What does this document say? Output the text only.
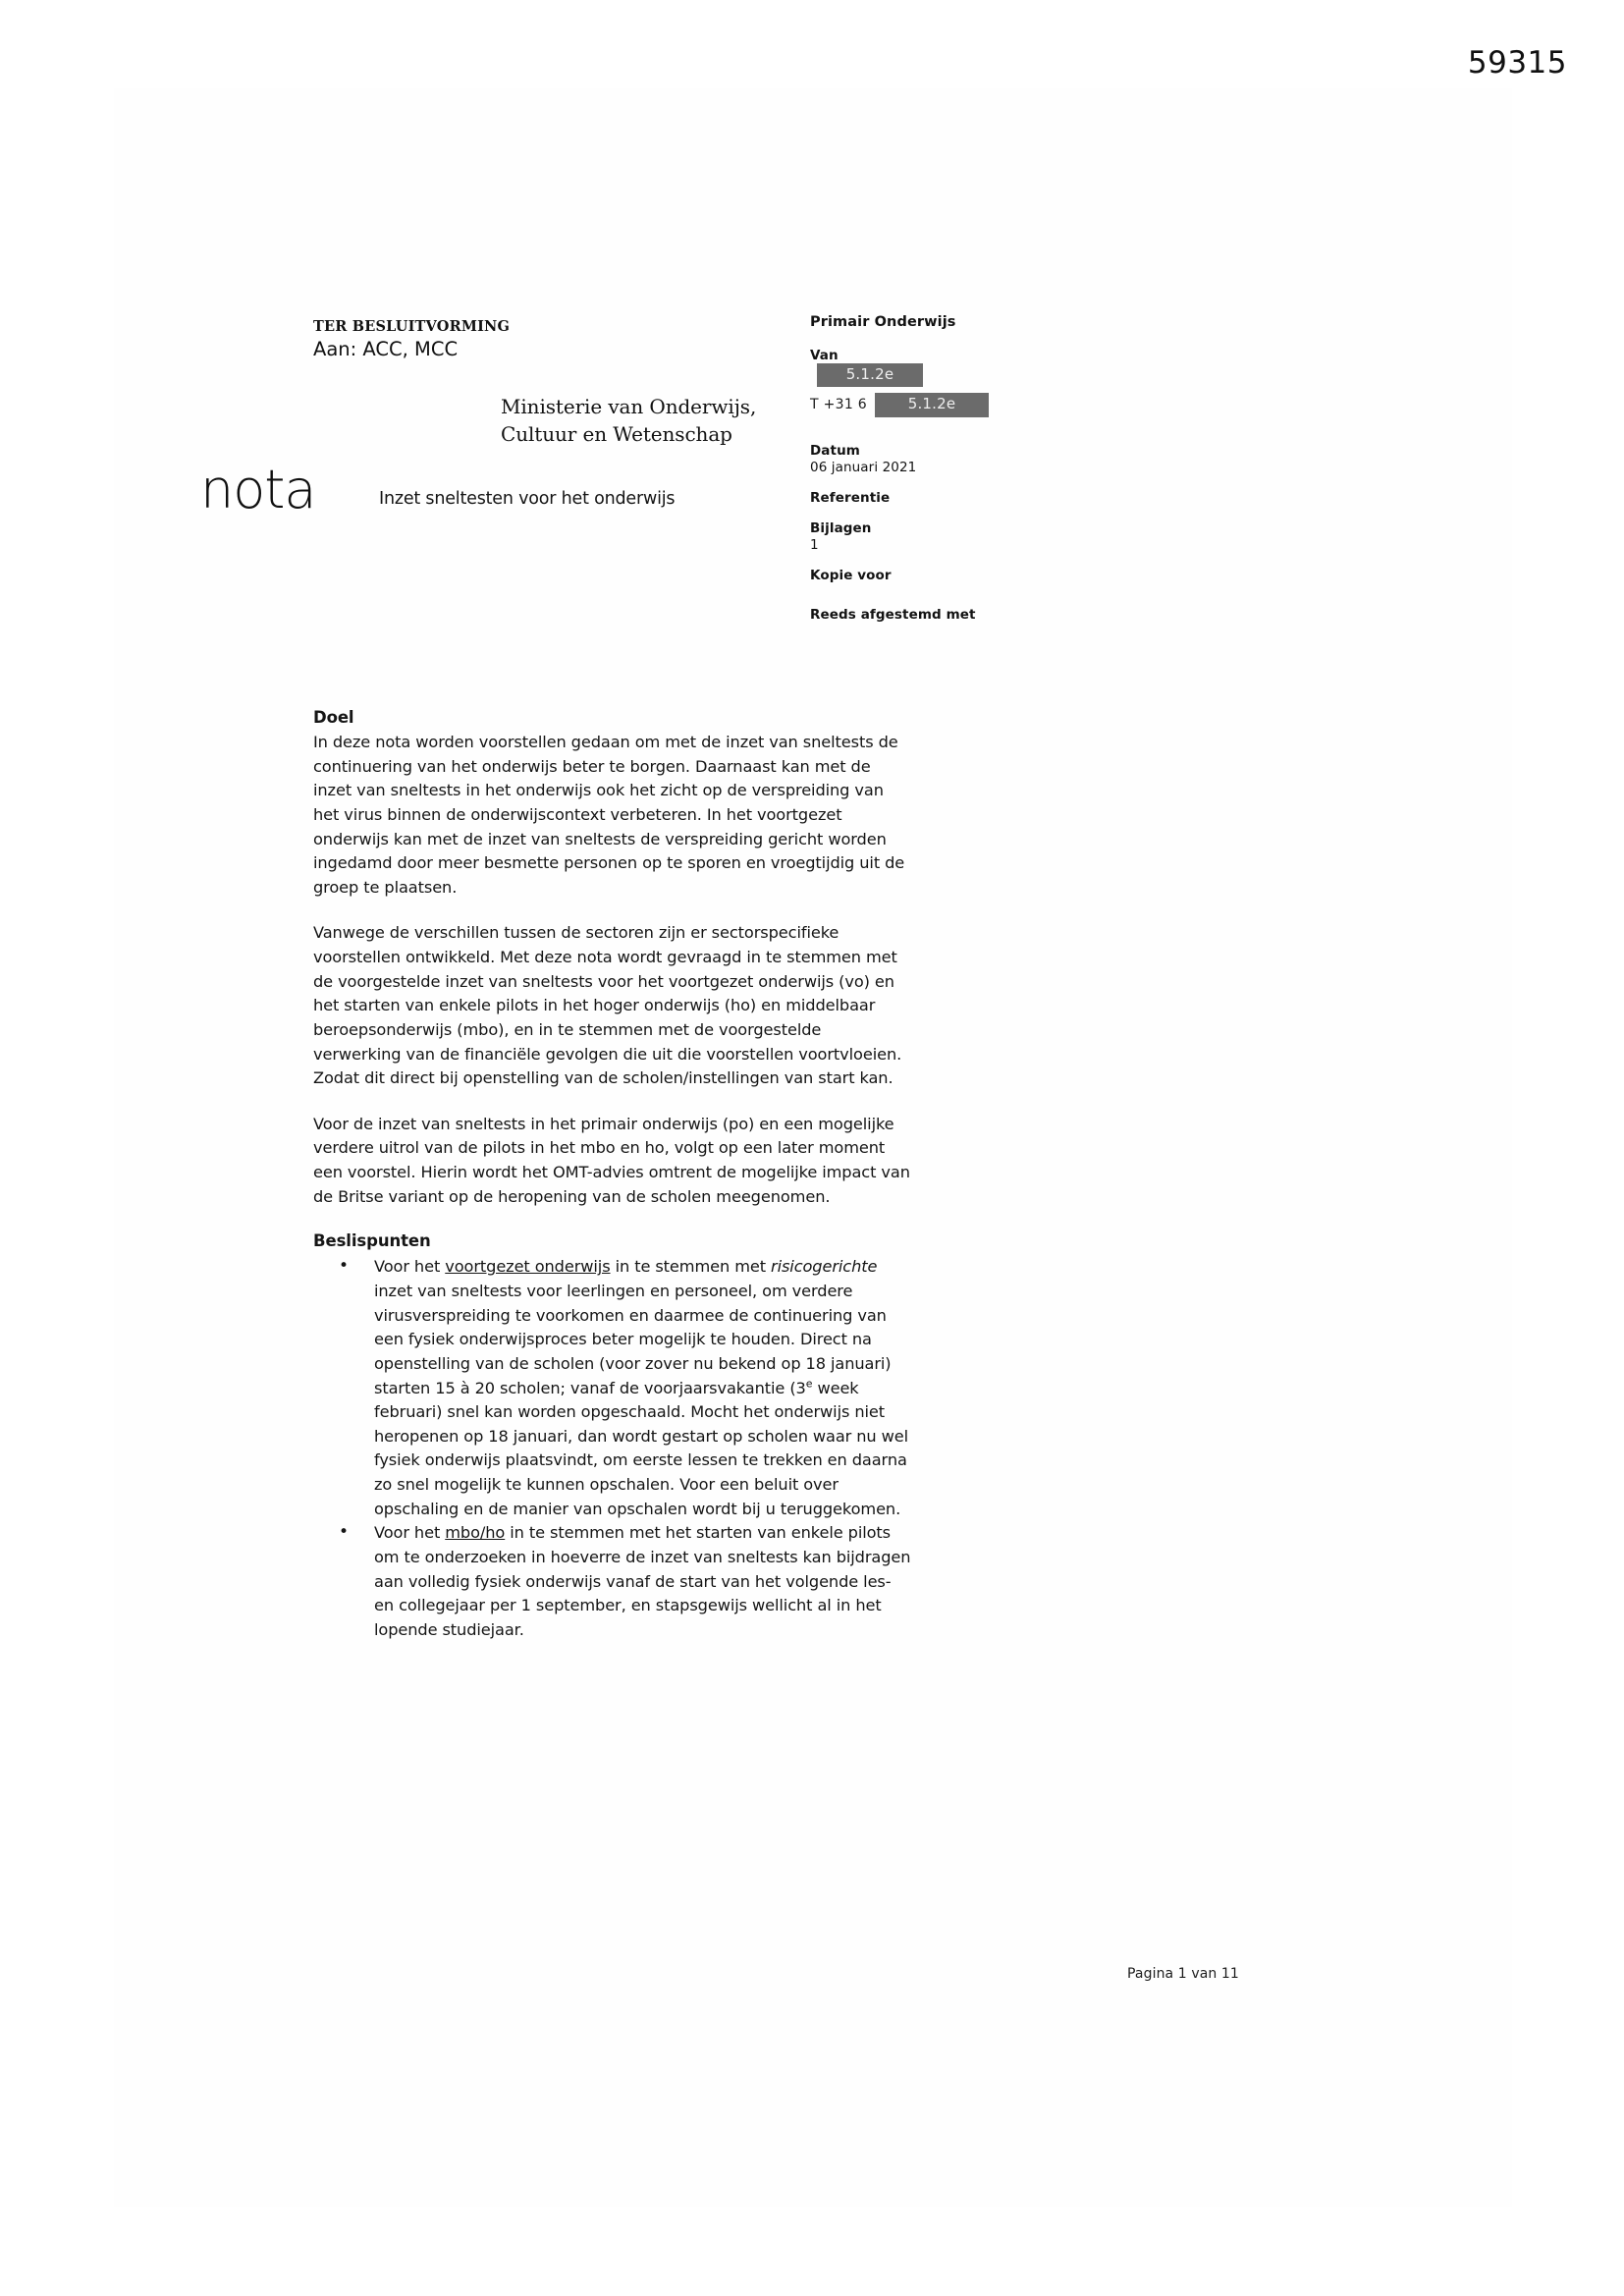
59315
TER BESLUITVORMING
Aan: ACC, MCC
Ministerie van Onderwijs, Cultuur en Wetenschap
nota	Inzet sneltesten voor het onderwijs
Primair Onderwijs
Van
5.1.2e
T +31 6	5.1.2e
Datum
06 januari 2021
Referentie
Bijlagen
1
Kopie voor
Reeds afgestemd met
Doel

In deze nota worden voorstellen gedaan om met de inzet van sneltests de continuering van het onderwijs beter te borgen. Daarnaast kan met de inzet van sneltests in het onderwijs ook het zicht op de verspreiding van het virus binnen de onderwijscontext verbeteren. In het voortgezet onderwijs kan met de inzet van sneltests de verspreiding gericht worden ingedamd door meer besmette personen op te sporen en vroegtijdig uit de groep te plaatsen.

Vanwege de verschillen tussen de sectoren zijn er sectorspecifieke voorstellen ontwikkeld. Met deze nota wordt gevraagd in te stemmen met de voorgestelde inzet van sneltests voor het voortgezet onderwijs (vo) en het starten van enkele pilots in het hoger onderwijs (ho) en middelbaar beroepsonderwijs (mbo), en in te stemmen met de voorgestelde verwerking van de financiële gevolgen die uit die voorstellen voortvloeien. Zodat dit direct bij openstelling van de scholen/instellingen van start kan.

Voor de inzet van sneltests in het primair onderwijs (po) en een mogelijke verdere uitrol van de pilots in het mbo en ho, volgt op een later moment een voorstel. Hierin wordt het OMT-advies omtrent de mogelijke impact van de Britse variant op de heropening van de scholen meegenomen.

Beslispunten
• Voor het voortgezet onderwijs in te stemmen met risicogerichte inzet van sneltests voor leerlingen en personeel, om verdere virusverspreiding te voorkomen en daarmee de continuering van een fysiek onderwijsproces beter mogelijk te houden. Direct na openstelling van de scholen (voor zover nu bekend op 18 januari) starten 15 à 20 scholen; vanaf de voorjaarsvakantie (3e week februari) snel kan worden opgeschaald. Mocht het onderwijs niet heropenen op 18 januari, dan wordt gestart op scholen waar nu wel fysiek onderwijs plaatsvindt, om eerste lessen te trekken en daarna zo snel mogelijk te kunnen opschalen. Voor een beluit over opschaling en de manier van opschalen wordt bij u teruggekomen.
• Voor het mbo/ho in te stemmen met het starten van enkele pilots om te onderzoeken in hoeverre de inzet van sneltests kan bijdragen aan volledig fysiek onderwijs vanaf de start van het volgende les- en collegejaar per 1 september, en stapsgewijs wellicht al in het lopende studiejaar.
Pagina 1 van 11
